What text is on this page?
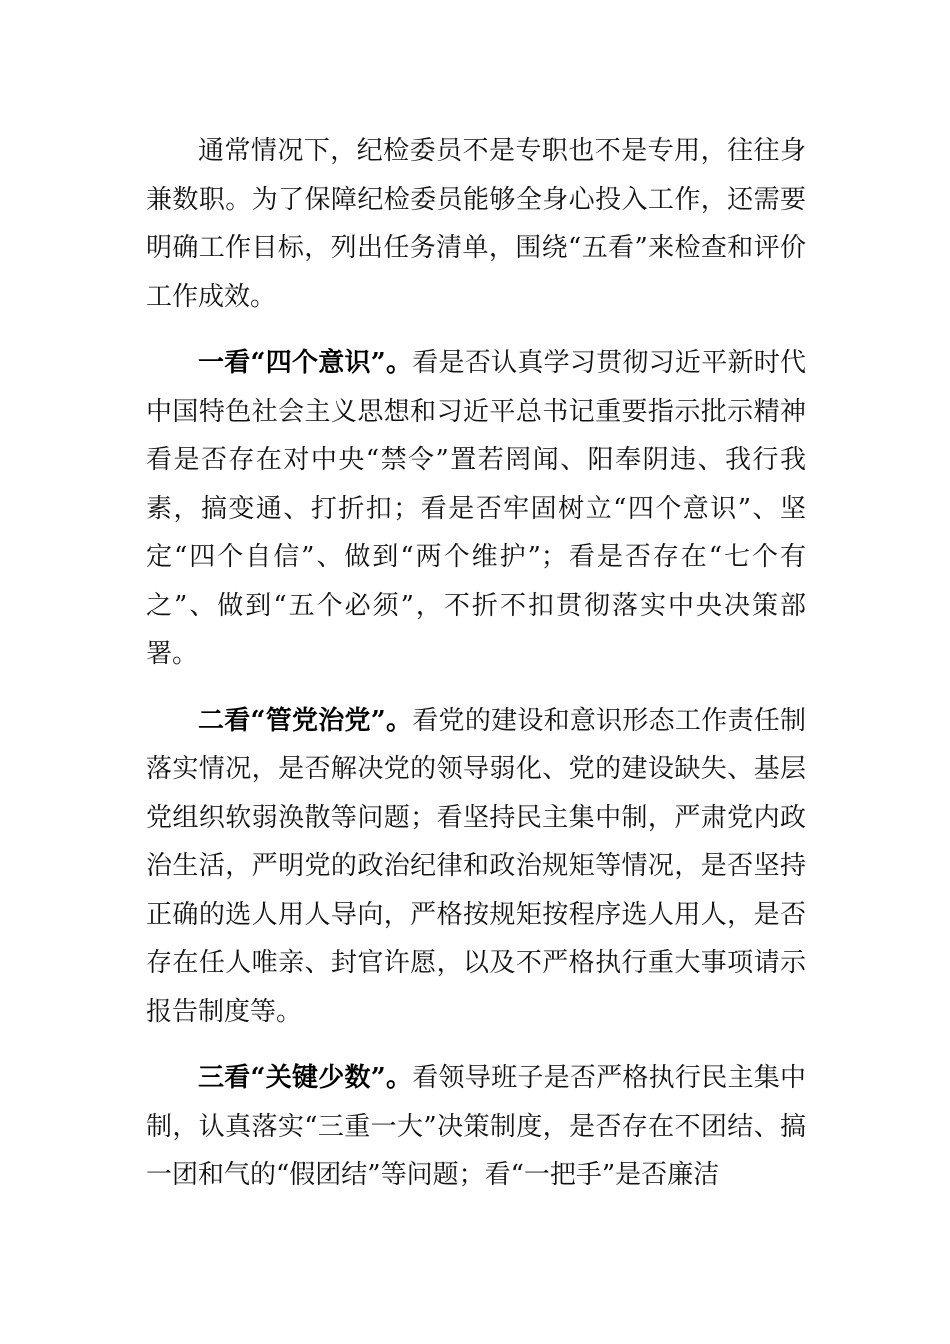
通常情况下，纪检委员不是专职也不是专用，往往身兼数职。为了保障纪检委员能够全身心投入工作，还需要明确工作目标，列出任务清单，围绕“五看”来检查和评价工作成效。

一看“四个意识”。看是否认真学习贯彻习近平新时代中国特色社会主义思想和习近平总书记重要指示批示精神看是否存在对中央“禁令”置若罔闻、阳奉阴违、我行我素，搞变通、打折扣；看是否牢固树立“四个意识”、坚定“四个自信”、做到“两个维护”；看是否存在“七个有之”、做到“五个必须”，不折不扣贯彻落实中央决策部署。

二看“管党治党”。看党的建设和意识形态工作责任制落实情况，是否解决党的领导弱化、党的建设缺失、基层党组织软弱涣散等问题；看坚持民主集中制，严肃党内政治生活，严明党的政治纪律和政治规矩等情况，是否坚持正确的选人用人导向，严格按规矩按程序选人用人，是否存在任人唯亲、封官许愿，以及不严格执行重大事项请示报告制度等。

三看“关键少数”。看领导班子是否严格执行民主集中制，认真落实“三重一大”决策制度，是否存在不团结、搞一团和气的“假团结”等问题；看“一把手”是否廉洁
